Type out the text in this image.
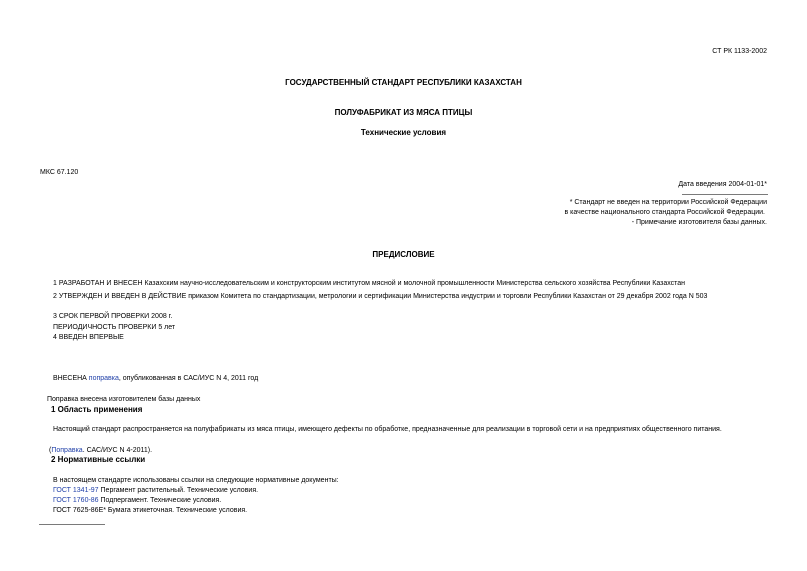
СТ РК 1133-2002
ГОСУДАРСТВЕННЫЙ СТАНДАРТ РЕСПУБЛИКИ КАЗАХСТАН
ПОЛУФАБРИКАТ ИЗ МЯСА ПТИЦЫ
Технические условия
МКС 67.120
Дата введения 2004-01-01*
* Стандарт не введен на территории Российской Федерации
в качестве национального стандарта Российской Федерации.
- Примечание изготовителя базы данных.
ПРЕДИСЛОВИЕ
1 РАЗРАБОТАН И ВНЕСЕН Казахским научно-исследовательским и конструкторским институтом мясной и молочной промышленности Министерства сельского хозяйства Республики Казахстан
2 УТВЕРЖДЕН И ВВЕДЕН В ДЕЙСТВИЕ приказом Комитета по стандартизации, метрологии и сертификации Министерства индустрии и торговли Республики Казахстан от 29 декабря 2002 года N 503
3 СРОК ПЕРВОЙ ПРОВЕРКИ 2008 г.
ПЕРИОДИЧНОСТЬ ПРОВЕРКИ 5 лет
4 ВВЕДЕН ВПЕРВЫЕ
ВНЕСЕНА поправка, опубликованная в САС/ИУС N 4, 2011 год
Поправка внесена изготовителем базы данных
1 Область применения
Настоящий стандарт распространяется на полуфабрикаты из мяса птицы, имеющего дефекты по обработке, предназначенные для реализации в торговой сети и на предприятиях общественного питания.
(Поправка. САС/ИУС N 4-2011).
2 Нормативные ссылки
В настоящем стандарте использованы ссылки на следующие нормативные документы:
ГОСТ 1341-97 Пергамент растительный. Технические условия.
ГОСТ 1760-86 Подпергамент. Технические условия.
ГОСТ 7625-86Е* Бумага этикеточная. Технические условия.
